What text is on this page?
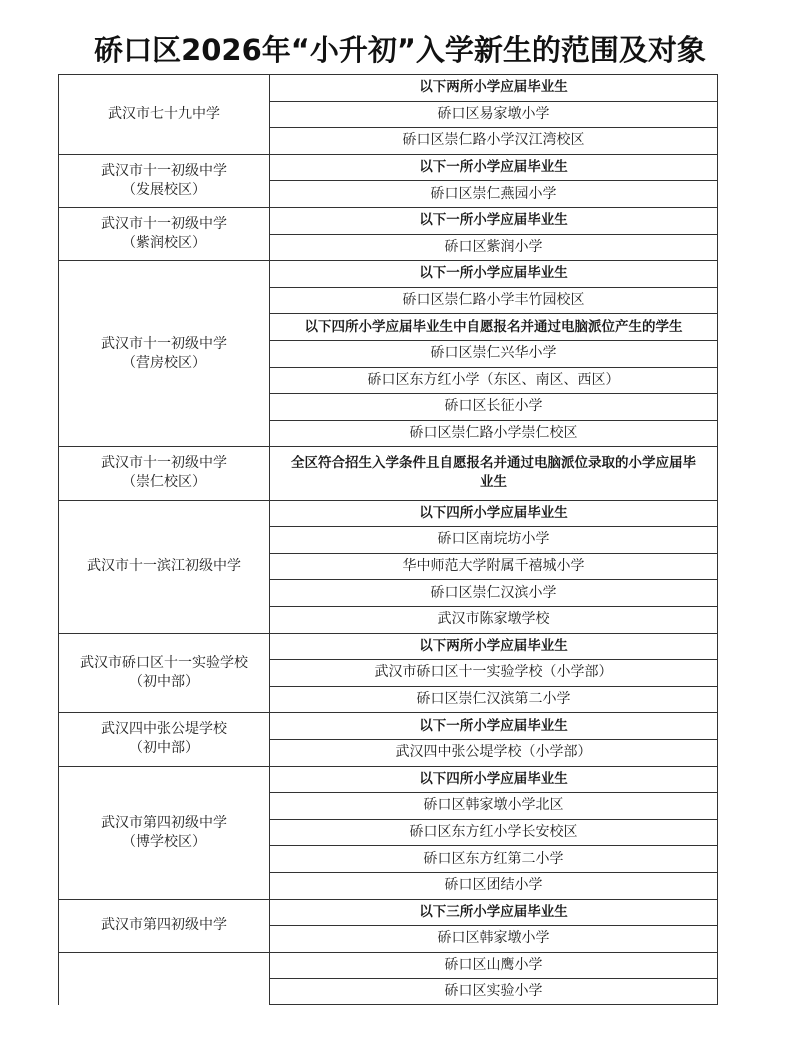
硚口区2026年“小升初”入学新生的范围及对象
以下两所小学应届毕业生
硚口区易家墩小学
硚口区崇仁路小学汉江湾校区
武汉市七十九中学
以下一所小学应届毕业生
硚口区崇仁燕园小学
武汉市十一初级中学
（发展校区）
以下一所小学应届毕业生
硚口区紫润小学
武汉市十一初级中学
（紫润校区）
以下一所小学应届毕业生
硚口区崇仁路小学丰竹园校区
以下四所小学应届毕业生中自愿报名并通过电脑派位产生的学生
硚口区崇仁兴华小学
硚口区东方红小学（东区、南区、西区）
硚口区长征小学
硚口区崇仁路小学崇仁校区
武汉市十一初级中学
（营房校区）
全区符合招生入学条件且自愿报名并通过电脑派位录取的小学应届毕业生
武汉市十一初级中学
（崇仁校区）
以下四所小学应届毕业生
硚口区南垸坊小学
华中师范大学附属千禧城小学
硚口区崇仁汉滨小学
武汉市陈家墩学校
武汉市十一滨江初级中学
以下两所小学应届毕业生
武汉市硚口区十一实验学校（小学部）
硚口区崇仁汉滨第二小学
武汉市硚口区十一实验学校
（初中部）
以下一所小学应届毕业生
武汉四中张公堤学校（小学部）
武汉四中张公堤学校
（初中部）
以下四所小学应届毕业生
硚口区韩家墩小学北区
硚口区东方红小学长安校区
硚口区东方红第二小学
硚口区团结小学
武汉市第四初级中学
（博学校区）
以下三所小学应届毕业生
硚口区韩家墩小学
武汉市第四初级中学
硚口区山鹰小学
硚口区实验小学
